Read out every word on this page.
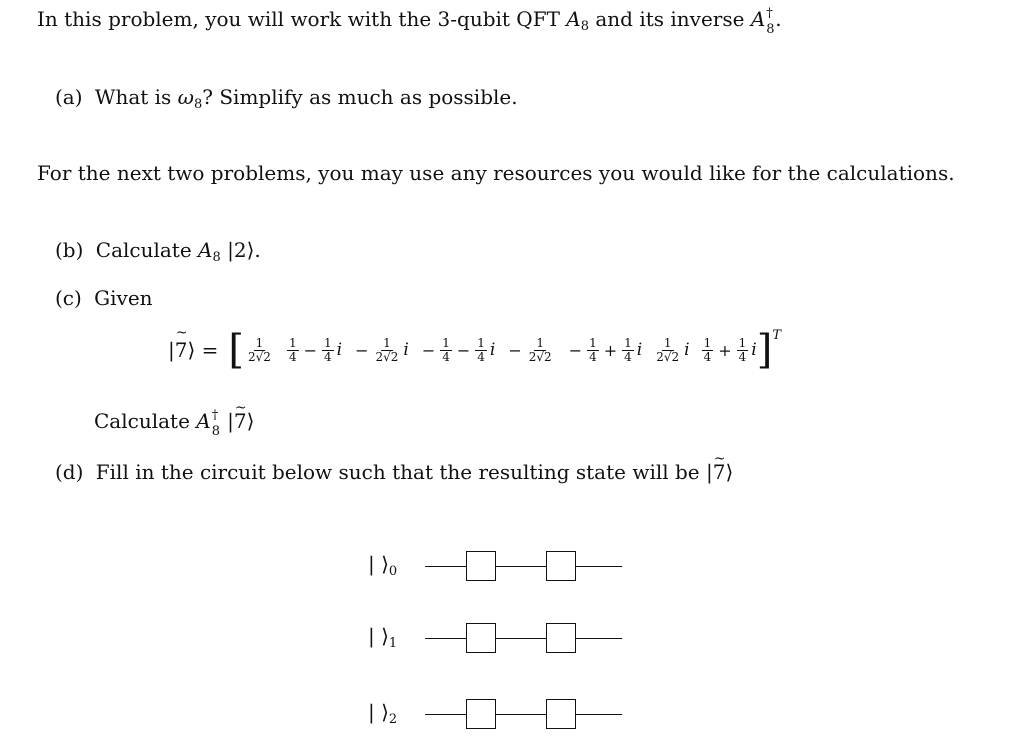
In this problem, you will work with the 3-qubit QFT $A_8$ and its inverse A †
8 .
(a) What is $\omega_8$? Simplify as much as possible.
For the next two problems, you may use any resources you would like for the calculations.
(b) Calculate $A_8$ |2⟩.
(c) Given
|~ 7⟩ = [ $\frac{1}{2√2} \frac{1}{4} - \frac{1}{4}$ $i - \frac{1}{2√2}$ $i - \frac{1}{4} - \frac{1}{4}$ $i - \frac{1}{2√2} - \frac{1}{4} + \frac{1}{4}$ i $\frac{1}{2√2}$ i $\frac{1}{4} + \frac{1}{4}$ i ] T
Calculate A †
8 |~ 7⟩
(d) Fill in the circuit below such that the resulting state will be |~ 7⟩
| $⟩_0$
| $⟩_1$
| $⟩_2$
